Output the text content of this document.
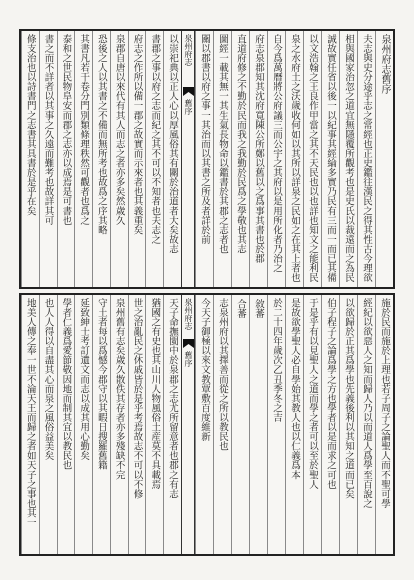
以崇祀典以正人心以厚風俗其有關於治道者大矣故志
書郡之事以府之志而紀之其不可以不知者也夫志之
府志之作所以備一郡之故實而示來者也其義重矣
泉郡自唐以來代有其人而志之者亦多矣然歲久
恐後之人以其書之不備而無所考也故爲之序其略
其書凡若干卷分門別類條理秩然可觀者也爲之
泰和之世民物阜安而郡之志亦以成焉是可書也
書之而不詳者以其事之久遠而難考也故詳其可
條支治也以詩書門之志書其具書於是乎在矣	泉州府志
舊序
泉州府志舊序
夫志與史分途乎志之常經也正史鑑往漢民之得其性古今理欲
相與國家治忽之道宜無隱覆所觀考也是史氏以裁遠而之為民
誠故實任省以後一以紀事其經綸多實乃民有三而一而已其備
以文浩翰之王良作甲當之其不天民也以也詳也知文之能利民
泉之水府土之沃歲收何如以其所以詳泉之民如之在其上者也
自今爲萬曆將公府議三而公宇之其府以是用所化者乃治之
府志泉郡知其沈府寬陳公所鄭以舊以之爲事其書也於郡
直道府修之不勤於民而我之我勤於民爲之學敬也其志
圖經一載其無一其生氣長物命以鑑書於其郡之志者也
關以郡書以府之事一其治而以其書之所及者詳於前
天子命撫閩中於泉郡之志尤所留意者也郡之有志
猶國之有史也其山川人物風俗土産莫不具載焉
世之治亂民之休戚皆於是乎考焉故志不可以不修
泉州舊有志矣歲久散佚其存者亦多殘缺不完
守土者每以爲憾今郡守以其暇日搜羅舊籍
延致紳士考訂遺文而志以成其用心勤矣
學者仁義爲愛節敬因地而制其宜以教民也
也人人得以自盡其心而泉之風俗益美矣
地美人傳之奉一世不淪天王而歸之者如天子之事也其一	泉州府志
舊序	施於民而施於上理也若子周子之論聖人而不聖可學
經紀以欲惡人之知而歸人乃以而道人爲學至百說之
以欲歸於正其爲學也先義後利以其知之道而已矣
伯子程子之論爲學之方也學者以是而求之可也
于是乎有以見聖人之道而學之者可以至於聖人
是故欲學聖人必自學始其教人也以仁義爲本
於二十四年歲次乙丑季冬之吉
敘蕃
合蕃
志泉州府以其擇善而從之所以教民也
今天子御極以來文教覃敷百度維新
